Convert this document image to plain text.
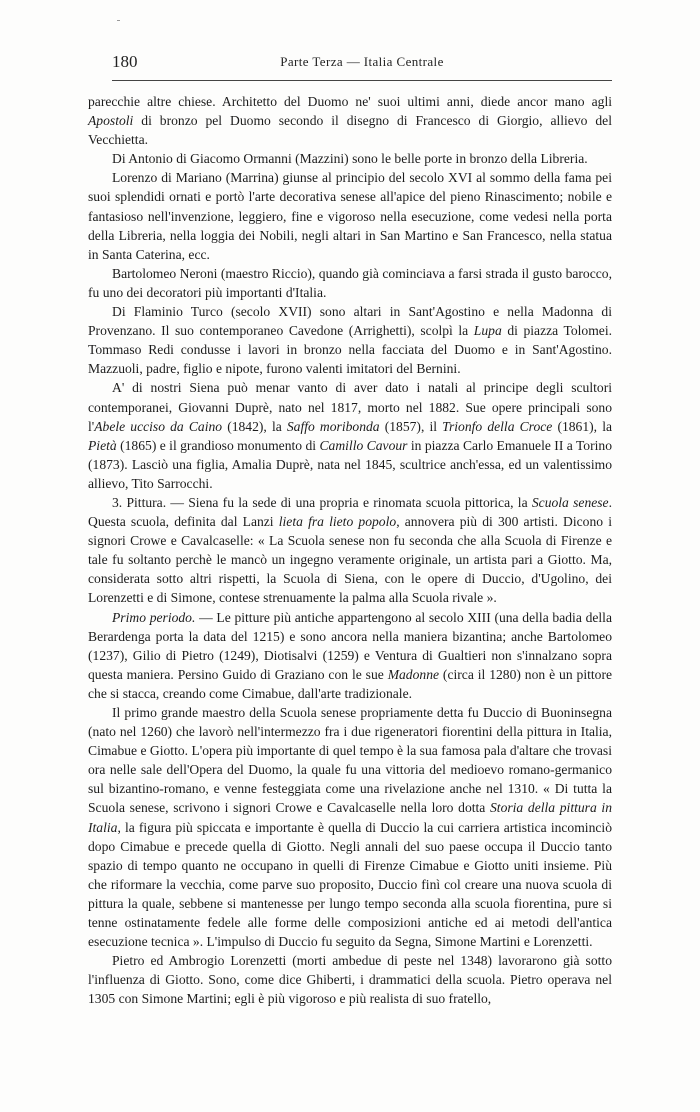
180	Parte Terza — Italia Centrale

parecchie altre chiese. Architetto del Duomo ne' suoi ultimi anni, diede ancor mano agli Apostoli di bronzo pel Duomo secondo il disegno di Francesco di Giorgio, allievo del Vecchietta.

Di Antonio di Giacomo Ormanni (Mazzini) sono le belle porte in bronzo della Libreria.

Lorenzo di Mariano (Marrina) giunse al principio del secolo XVI al sommo della fama pei suoi splendidi ornati e portò l'arte decorativa senese all'apice del pieno Rinascimento; nobile e fantasioso nell'invenzione, leggiero, fine e vigoroso nella esecuzione, come vedesi nella porta della Libreria, nella loggia dei Nobili, negli altari in San Martino e San Francesco, nella statua in Santa Caterina, ecc.

Bartolomeo Neroni (maestro Riccio), quando già cominciava a farsi strada il gusto barocco, fu uno dei decoratori più importanti d'Italia.

Di Flaminio Turco (secolo XVII) sono altari in Sant'Agostino e nella Madonna di Provenzano. Il suo contemporaneo Cavedone (Arrighetti), scolpì la Lupa di piazza Tolomei. Tommaso Redi condusse i lavori in bronzo nella facciata del Duomo e in Sant'Agostino. Mazzuoli, padre, figlio e nipote, furono valenti imitatori del Bernini.

A' di nostri Siena può menar vanto di aver dato i natali al principe degli scultori contemporanei, Giovanni Duprè, nato nel 1817, morto nel 1882. Sue opere principali sono l'Abele ucciso da Caino (1842), la Saffo moribonda (1857), il Trionfo della Croce (1861), la Pietà (1865) e il grandioso monumento di Camillo Cavour in piazza Carlo Emanuele II a Torino (1873). Lasciò una figlia, Amalia Duprè, nata nel 1845, scultrice anch'essa, ed un valentissimo allievo, Tito Sarrocchi.

3. Pittura. — Siena fu la sede di una propria e rinomata scuola pittorica, la Scuola senese. Questa scuola, definita dal Lanzi lieta fra lieto popolo, annovera più di 300 artisti. Dicono i signori Crowe e Cavalcaselle: « La Scuola senese non fu seconda che alla Scuola di Firenze e tale fu soltanto perchè le mancò un ingegno veramente originale, un artista pari a Giotto. Ma, considerata sotto altri rispetti, la Scuola di Siena, con le opere di Duccio, d'Ugolino, dei Lorenzetti e di Simone, contese strenuamente la palma alla Scuola rivale ».

Primo periodo. — Le pitture più antiche appartengono al secolo XIII (una della badia della Berardenga porta la data del 1215) e sono ancora nella maniera bizantina; anche Bartolomeo (1237), Gilio di Pietro (1249), Diotisalvi (1259) e Ventura di Gualtieri non s'innalzano sopra questa maniera. Persino Guido di Graziano con le sue Madonne (circa il 1280) non è un pittore che si stacca, creando come Cimabue, dall'arte tradizionale.

Il primo grande maestro della Scuola senese propriamente detta fu Duccio di Buoninsegna (nato nel 1260) che lavorò nell'intermezzo fra i due rigeneratori fiorentini della pittura in Italia, Cimabue e Giotto. L'opera più importante di quel tempo è la sua famosa pala d'altare che trovasi ora nelle sale dell'Opera del Duomo, la quale fu una vittoria del medioevo romano-germanico sul bizantino-romano, e venne festeggiata come una rivelazione anche nel 1310. « Di tutta la Scuola senese, scrivono i signori Crowe e Cavalcaselle nella loro dotta Storia della pittura in Italia, la figura più spiccata e importante è quella di Duccio la cui carriera artistica incominciò dopo Cimabue e precede quella di Giotto. Negli annali del suo paese occupa il Duccio tanto spazio di tempo quanto ne occupano in quelli di Firenze Cimabue e Giotto uniti insieme. Più che riformare la vecchia, come parve suo proposito, Duccio finì col creare una nuova scuola di pittura la quale, sebbene si mantenesse per lungo tempo seconda alla scuola fiorentina, pure si tenne ostinatamente fedele alle forme delle composizioni antiche ed ai metodi dell'antica esecuzione tecnica ». L'impulso di Duccio fu seguito da Segna, Simone Martini e Lorenzetti.

Pietro ed Ambrogio Lorenzetti (morti ambedue di peste nel 1348) lavorarono già sotto l'influenza di Giotto. Sono, come dice Ghiberti, i drammatici della scuola. Pietro operava nel 1305 con Simone Martini; egli è più vigoroso e più realista di suo fratello,
